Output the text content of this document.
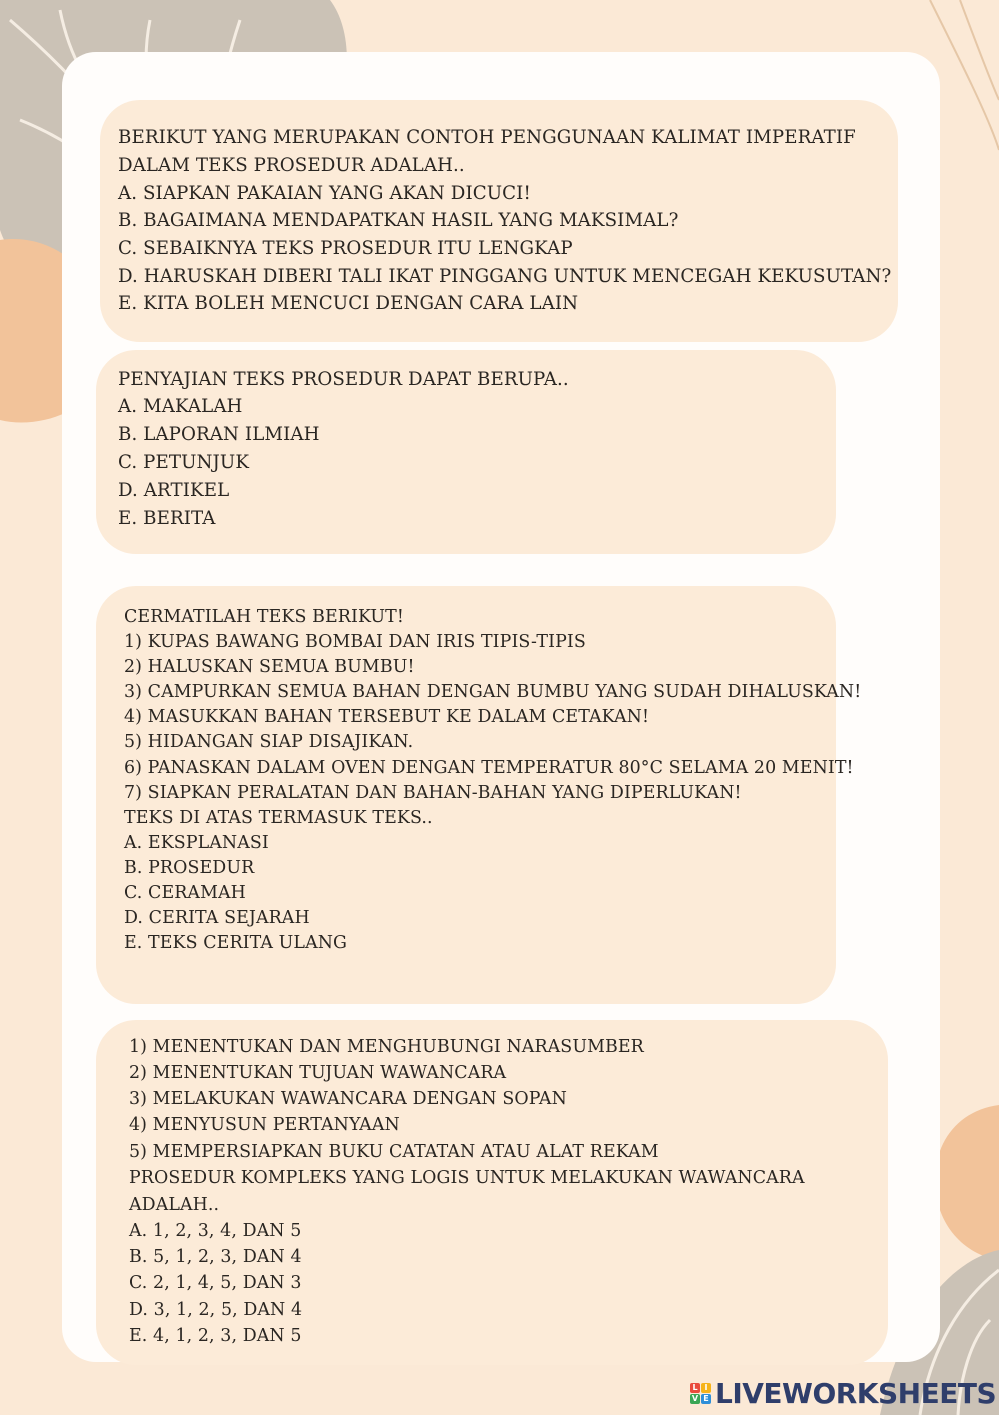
BERIKUT YANG MERUPAKAN CONTOH PENGGUNAAN KALIMAT IMPERATIF
DALAM TEKS PROSEDUR ADALAH..
A. SIAPKAN PAKAIAN YANG AKAN DICUCI!
B. BAGAIMANA MENDAPATKAN HASIL YANG MAKSIMAL?
C. SEBAIKNYA TEKS PROSEDUR ITU LENGKAP
D. HARUSKAH DIBERI TALI IKAT PINGGANG UNTUK MENCEGAH KEKUSUTAN?
E. KITA BOLEH MENCUCI DENGAN CARA LAIN
PENYAJIAN TEKS PROSEDUR DAPAT BERUPA..
A. MAKALAH
B. LAPORAN ILMIAH
C. PETUNJUK
D. ARTIKEL
E. BERITA
CERMATILAH TEKS BERIKUT!
1) KUPAS BAWANG BOMBAI DAN IRIS TIPIS-TIPIS
2) HALUSKAN SEMUA BUMBU!
3) CAMPURKAN SEMUA BAHAN DENGAN BUMBU YANG SUDAH DIHALUSKAN!
4) MASUKKAN BAHAN TERSEBUT KE DALAM CETAKAN!
5) HIDANGAN SIAP DISAJIKAN.
6) PANASKAN DALAM OVEN DENGAN TEMPERATUR 80°C SELAMA 20 MENIT!
7) SIAPKAN PERALATAN DAN BAHAN-BAHAN YANG DIPERLUKAN!
TEKS DI ATAS TERMASUK TEKS..
A. EKSPLANASI
B. PROSEDUR
C. CERAMAH
D. CERITA SEJARAH
E. TEKS CERITA ULANG
1) MENENTUKAN DAN MENGHUBUNGI NARASUMBER
2) MENENTUKAN TUJUAN WAWANCARA
3) MELAKUKAN WAWANCARA DENGAN SOPAN
4) MENYUSUN PERTANYAAN
5) MEMPERSIAPKAN BUKU CATATAN ATAU ALAT REKAM
PROSEDUR KOMPLEKS YANG LOGIS UNTUK MELAKUKAN WAWANCARA
ADALAH..
A. 1, 2, 3, 4, DAN 5
B. 5, 1, 2, 3, DAN 4
C. 2, 1, 4, 5, DAN 3
D. 3, 1, 2, 5, DAN 4
E. 4, 1, 2, 3, DAN 5
L I
V E LIVEWORKSHEETS
